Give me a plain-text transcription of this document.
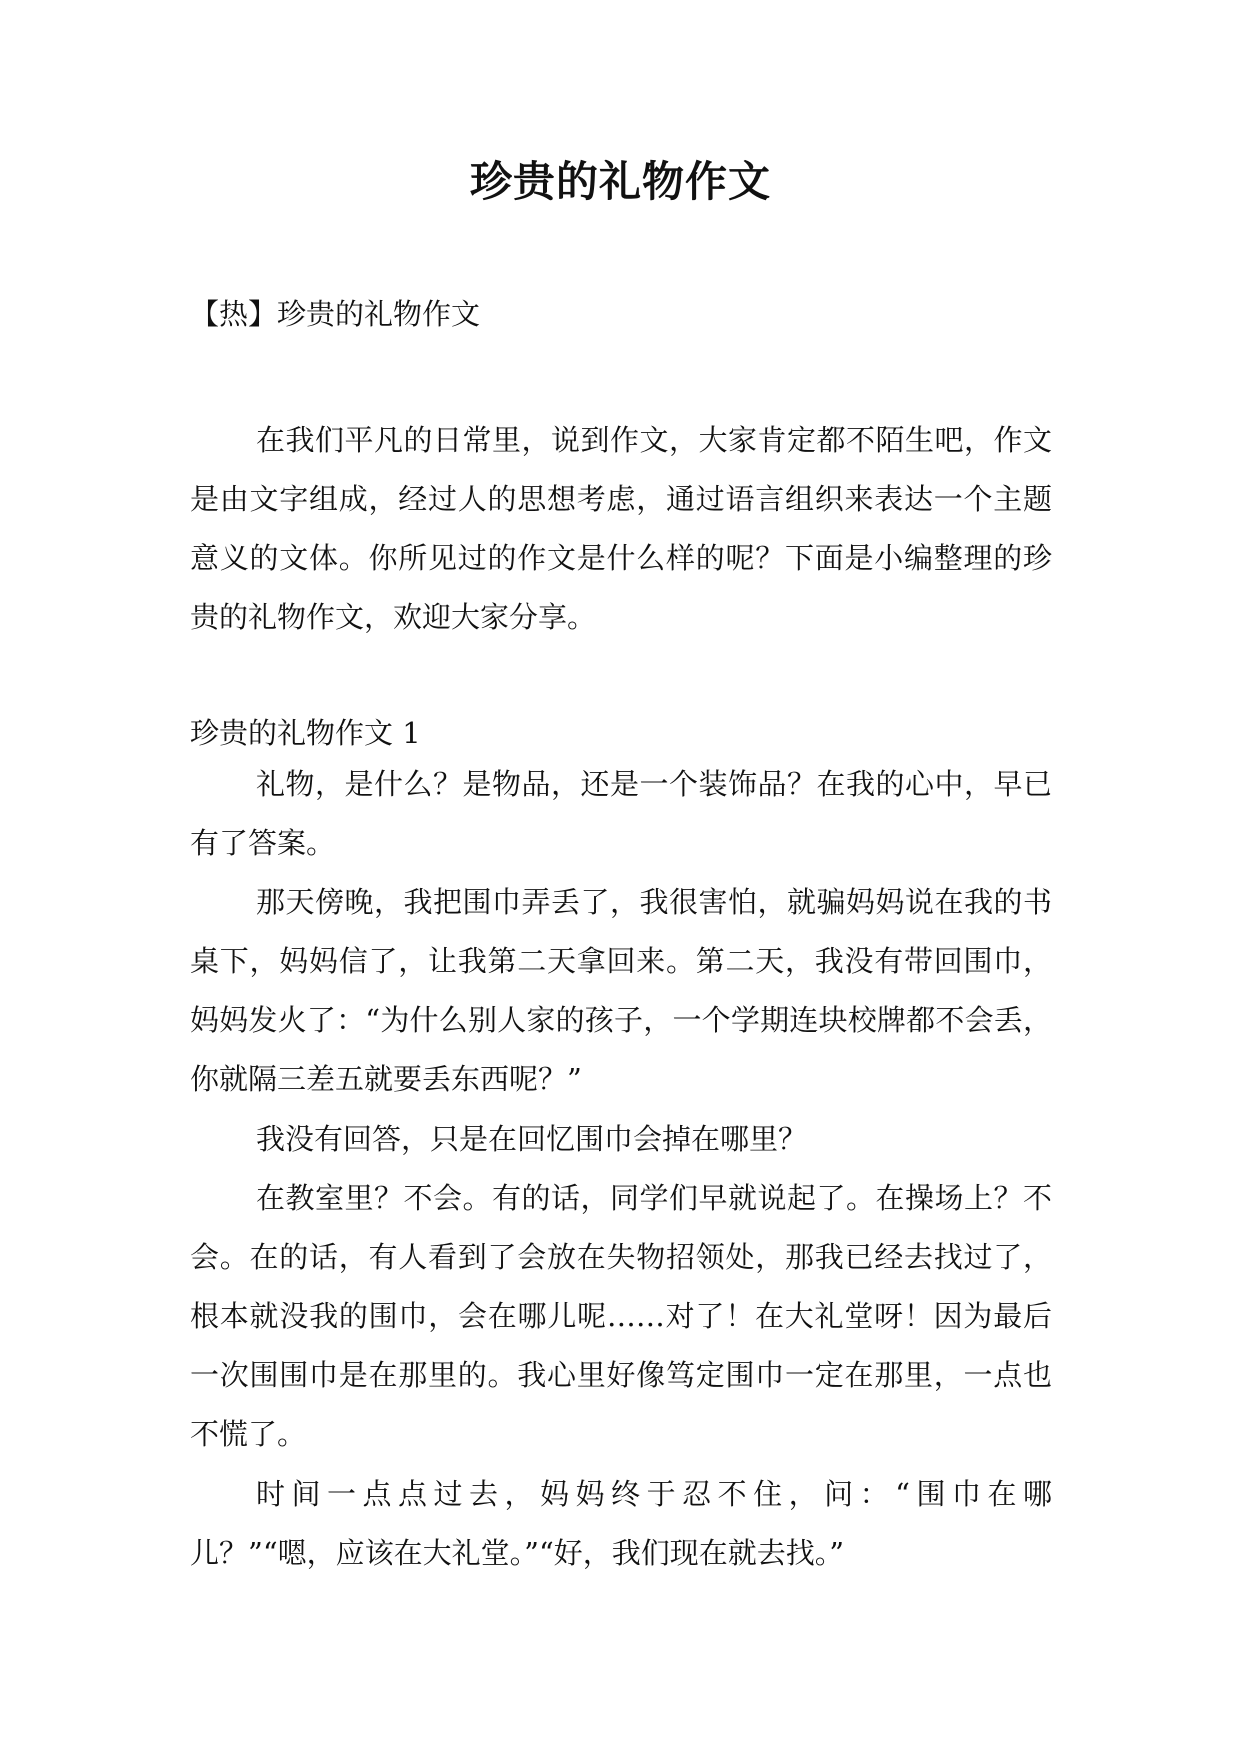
珍贵的礼物作文

【热】珍贵的礼物作文

在我们平凡的日常里，说到作文，大家肯定都不陌生吧，作文是由文字组成，经过人的思想考虑，通过语言组织来表达一个主题意义的文体。你所见过的作文是什么样的呢？下面是小编整理的珍贵的礼物作文，欢迎大家分享。

珍贵的礼物作文 1

礼物，是什么？是物品，还是一个装饰品？在我的心中，早已有了答案。

那天傍晚，我把围巾弄丢了，我很害怕，就骗妈妈说在我的书桌下，妈妈信了，让我第二天拿回来。第二天，我没有带回围巾，妈妈发火了：“为什么别人家的孩子，一个学期连块校牌都不会丢，你就隔三差五就要丢东西呢？”

我没有回答，只是在回忆围巾会掉在哪里？

在教室里？不会。有的话，同学们早就说起了。在操场上？不会。在的话，有人看到了会放在失物招领处，那我已经去找过了，根本就没我的围巾，会在哪儿呢……对了！在大礼堂呀！因为最后一次围围巾是在那里的。我心里好像笃定围巾一定在那里，一点也不慌了。

时间一点点过去，妈妈终于忍不住，问：“围巾在哪儿？”“嗯，应该在大礼堂。”“好，我们现在就去找。”
